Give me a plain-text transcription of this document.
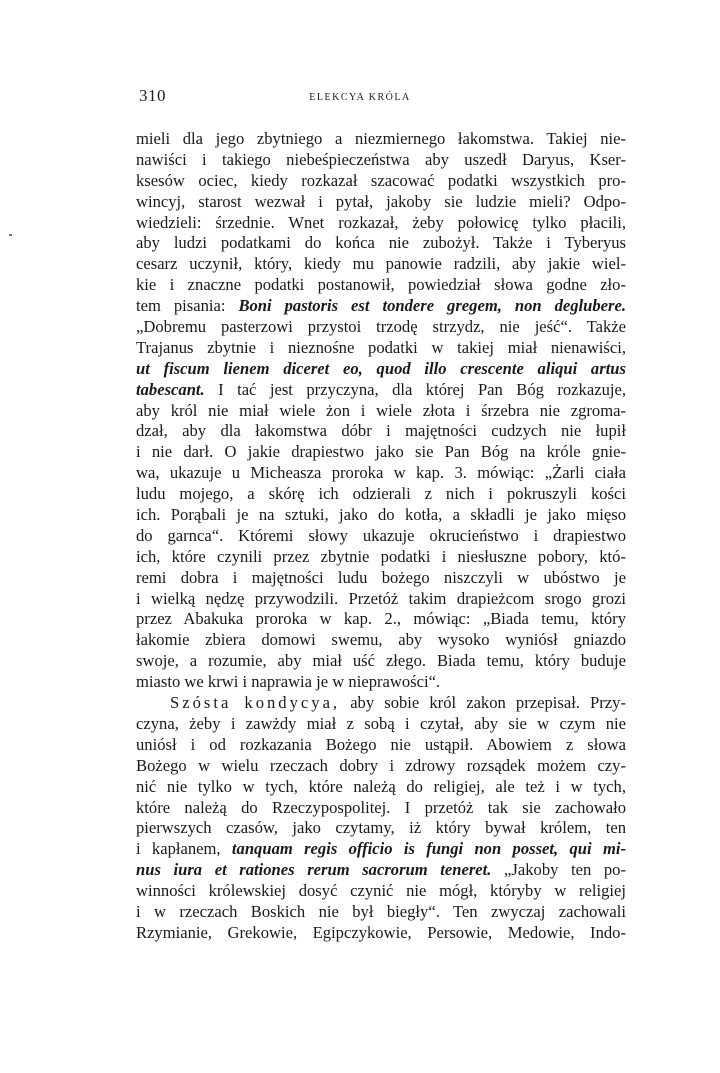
310	ELEKCYA KRÓLA

mieli dla jego zbytniego a niezmiernego łakomstwa. Takiej nie-
nawiści i takiego niebeśpieczeństwa aby uszedł Daryus, Kser-
ksesów ociec, kiedy rozkazał szacować podatki wszystkich pro-
wincyj, starost wezwał i pytał, jakoby sie ludzie mieli? Odpo-
wiedzieli: śrzednie. Wnet rozkazał, żeby połowicę tylko płacili,
aby ludzi podatkami do końca nie zubożył. Także i Tyberyus
cesarz uczynił, który, kiedy mu panowie radzili, aby jakie wiel-
kie i znaczne podatki postanowił, powiedział słowa godne zło-
tem pisania: Boni pastoris est tondere gregem, non deglubere.
„Dobremu pasterzowi przystoi trzodę strzydz, nie jeść“. Także
Trajanus zbytnie i nieznośne podatki w takiej miał nienawiści,
ut fiscum lienem diceret eo, quod illo crescente aliqui artus
tabescant. I tać jest przyczyna, dla której Pan Bóg rozkazuje,
aby król nie miał wiele żon i wiele złota i śrzebra nie zgroma-
dzał, aby dla łakomstwa dóbr i majętności cudzych nie łupił
i nie darł. O jakie drapiestwo jako sie Pan Bóg na króle gnie-
wa, ukazuje u Micheasza proroka w kap. 3. mówiąc: „Żarli ciała
ludu mojego, a skórę ich odzierali z nich i pokruszyli kości
ich. Porąbali je na sztuki, jako do kotła, a składli je jako mięso
do garnca“. Któremi słowy ukazuje okrucieństwo i drapiestwo
ich, które czynili przez zbytnie podatki i niesłuszne pobory, któ-
remi dobra i majętności ludu bożego niszczyli w ubóstwo je
i wielką nędzę przywodzili. Przetóż takim drapieżcom srogo grozi
przez Abakuka proroka w kap. 2., mówiąc: „Biada temu, który
łakomie zbiera domowi swemu, aby wysoko wyniósł gniazdo
swoje, a rozumie, aby miał uść złego. Biada temu, który buduje
miasto we krwi i naprawia je w nieprawości“.
Szósta kondycya, aby sobie król zakon przepisał. Przy-
czyna, żeby i zawżdy miał z sobą i czytał, aby sie w czym nie
uniósł i od rozkazania Bożego nie ustąpił. Abowiem z słowa
Bożego w wielu rzeczach dobry i zdrowy rozsądek możem czy-
nić nie tylko w tych, które należą do religiej, ale też i w tych,
które należą do Rzeczypospolitej. I przetóż tak sie zachowało
pierwszych czasów, jako czytamy, iż który bywał królem, ten
i kapłanem, tanquam regis officio is fungi non posset, qui mi-
nus iura et rationes rerum sacrorum teneret. „Jakoby ten po-
winności królewskiej dosyć czynić nie mógł, któryby w religiej
i w rzeczach Boskich nie był biegły“. Ten zwyczaj zachowali
Rzymianie, Grekowie, Egipczykowie, Persowie, Medowie, Indo-
